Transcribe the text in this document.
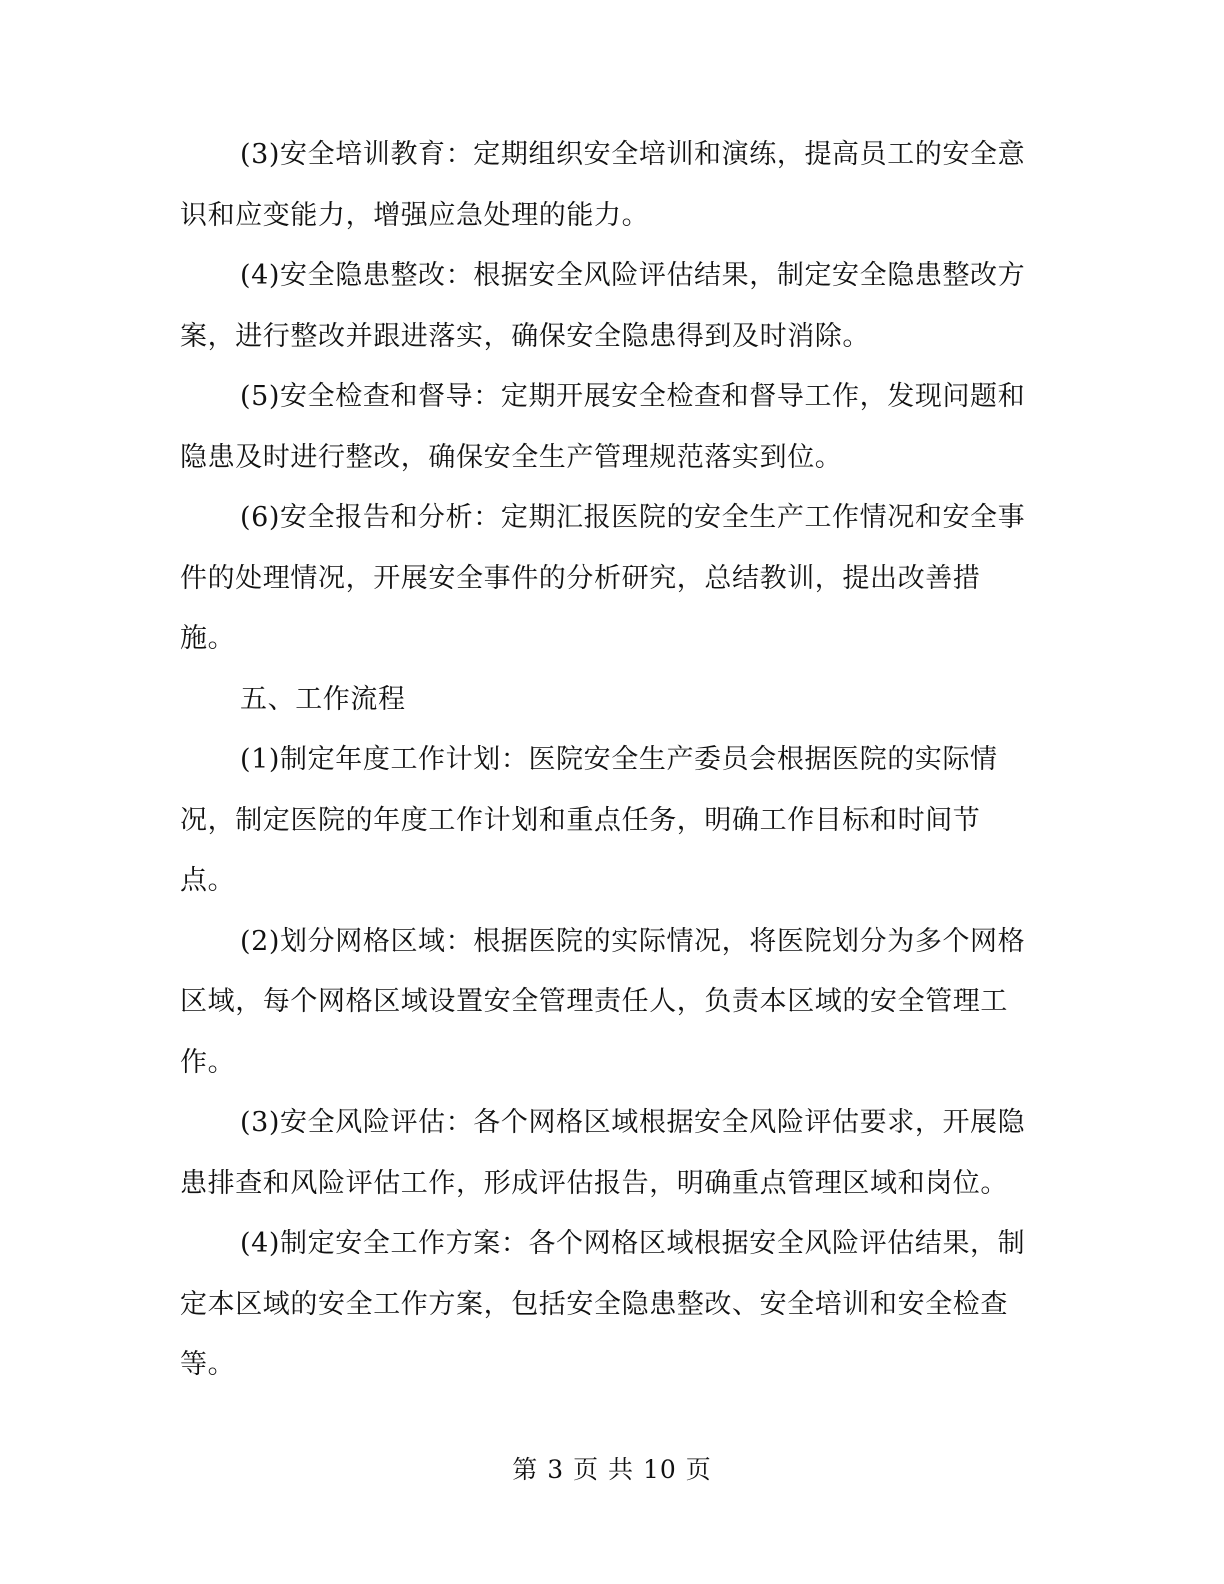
(3)安全培训教育：定期组织安全培训和演练，提高员工的安全意
识和应变能力，增强应急处理的能力。
(4)安全隐患整改：根据安全风险评估结果，制定安全隐患整改方
案，进行整改并跟进落实，确保安全隐患得到及时消除。
(5)安全检查和督导：定期开展安全检查和督导工作，发现问题和
隐患及时进行整改，确保安全生产管理规范落实到位。
(6)安全报告和分析：定期汇报医院的安全生产工作情况和安全事
件的处理情况，开展安全事件的分析研究，总结教训，提出改善措
施。
五、工作流程
(1)制定年度工作计划：医院安全生产委员会根据医院的实际情
况，制定医院的年度工作计划和重点任务，明确工作目标和时间节
点。
(2)划分网格区域：根据医院的实际情况，将医院划分为多个网格
区域，每个网格区域设置安全管理责任人，负责本区域的安全管理工
作。
(3)安全风险评估：各个网格区域根据安全风险评估要求，开展隐
患排查和风险评估工作，形成评估报告，明确重点管理区域和岗位。
(4)制定安全工作方案：各个网格区域根据安全风险评估结果，制
定本区域的安全工作方案，包括安全隐患整改、安全培训和安全检查
等。
第 3 页 共 10 页
